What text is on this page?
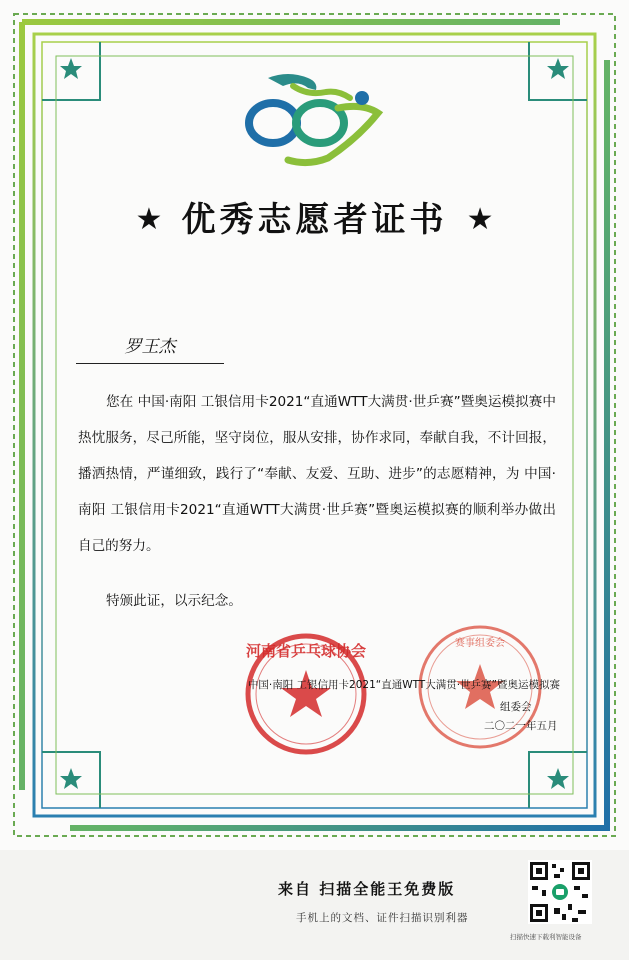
★ 优秀志愿者证书 ★
罗王杰
您在 中国·南阳 工银信用卡2021“直通WTT大满贯·世乒赛”暨奥运模拟赛中热忱服务，尽己所能，坚守岗位，服从安排，协作求同，奉献自我，不计回报，播洒热情，严谨细致，践行了“奉献、友爱、互助、进步”的志愿精神，为 中国·南阳 工银信用卡2021“直通WTT大满贯·世乒赛”暨奥运模拟赛的顺利举办做出自己的努力。
特颁此证，以示纪念。
河南省乒乓球协会	赛事组委会
中国·南阳 工银信用卡2021“直通WTT大满贯·世乒赛”暨奥运模拟赛
组委会
二〇二一年五月
来自 扫描全能王免费版
手机上的文档、证件扫描识别利器
扫描快速下载利智能设备
